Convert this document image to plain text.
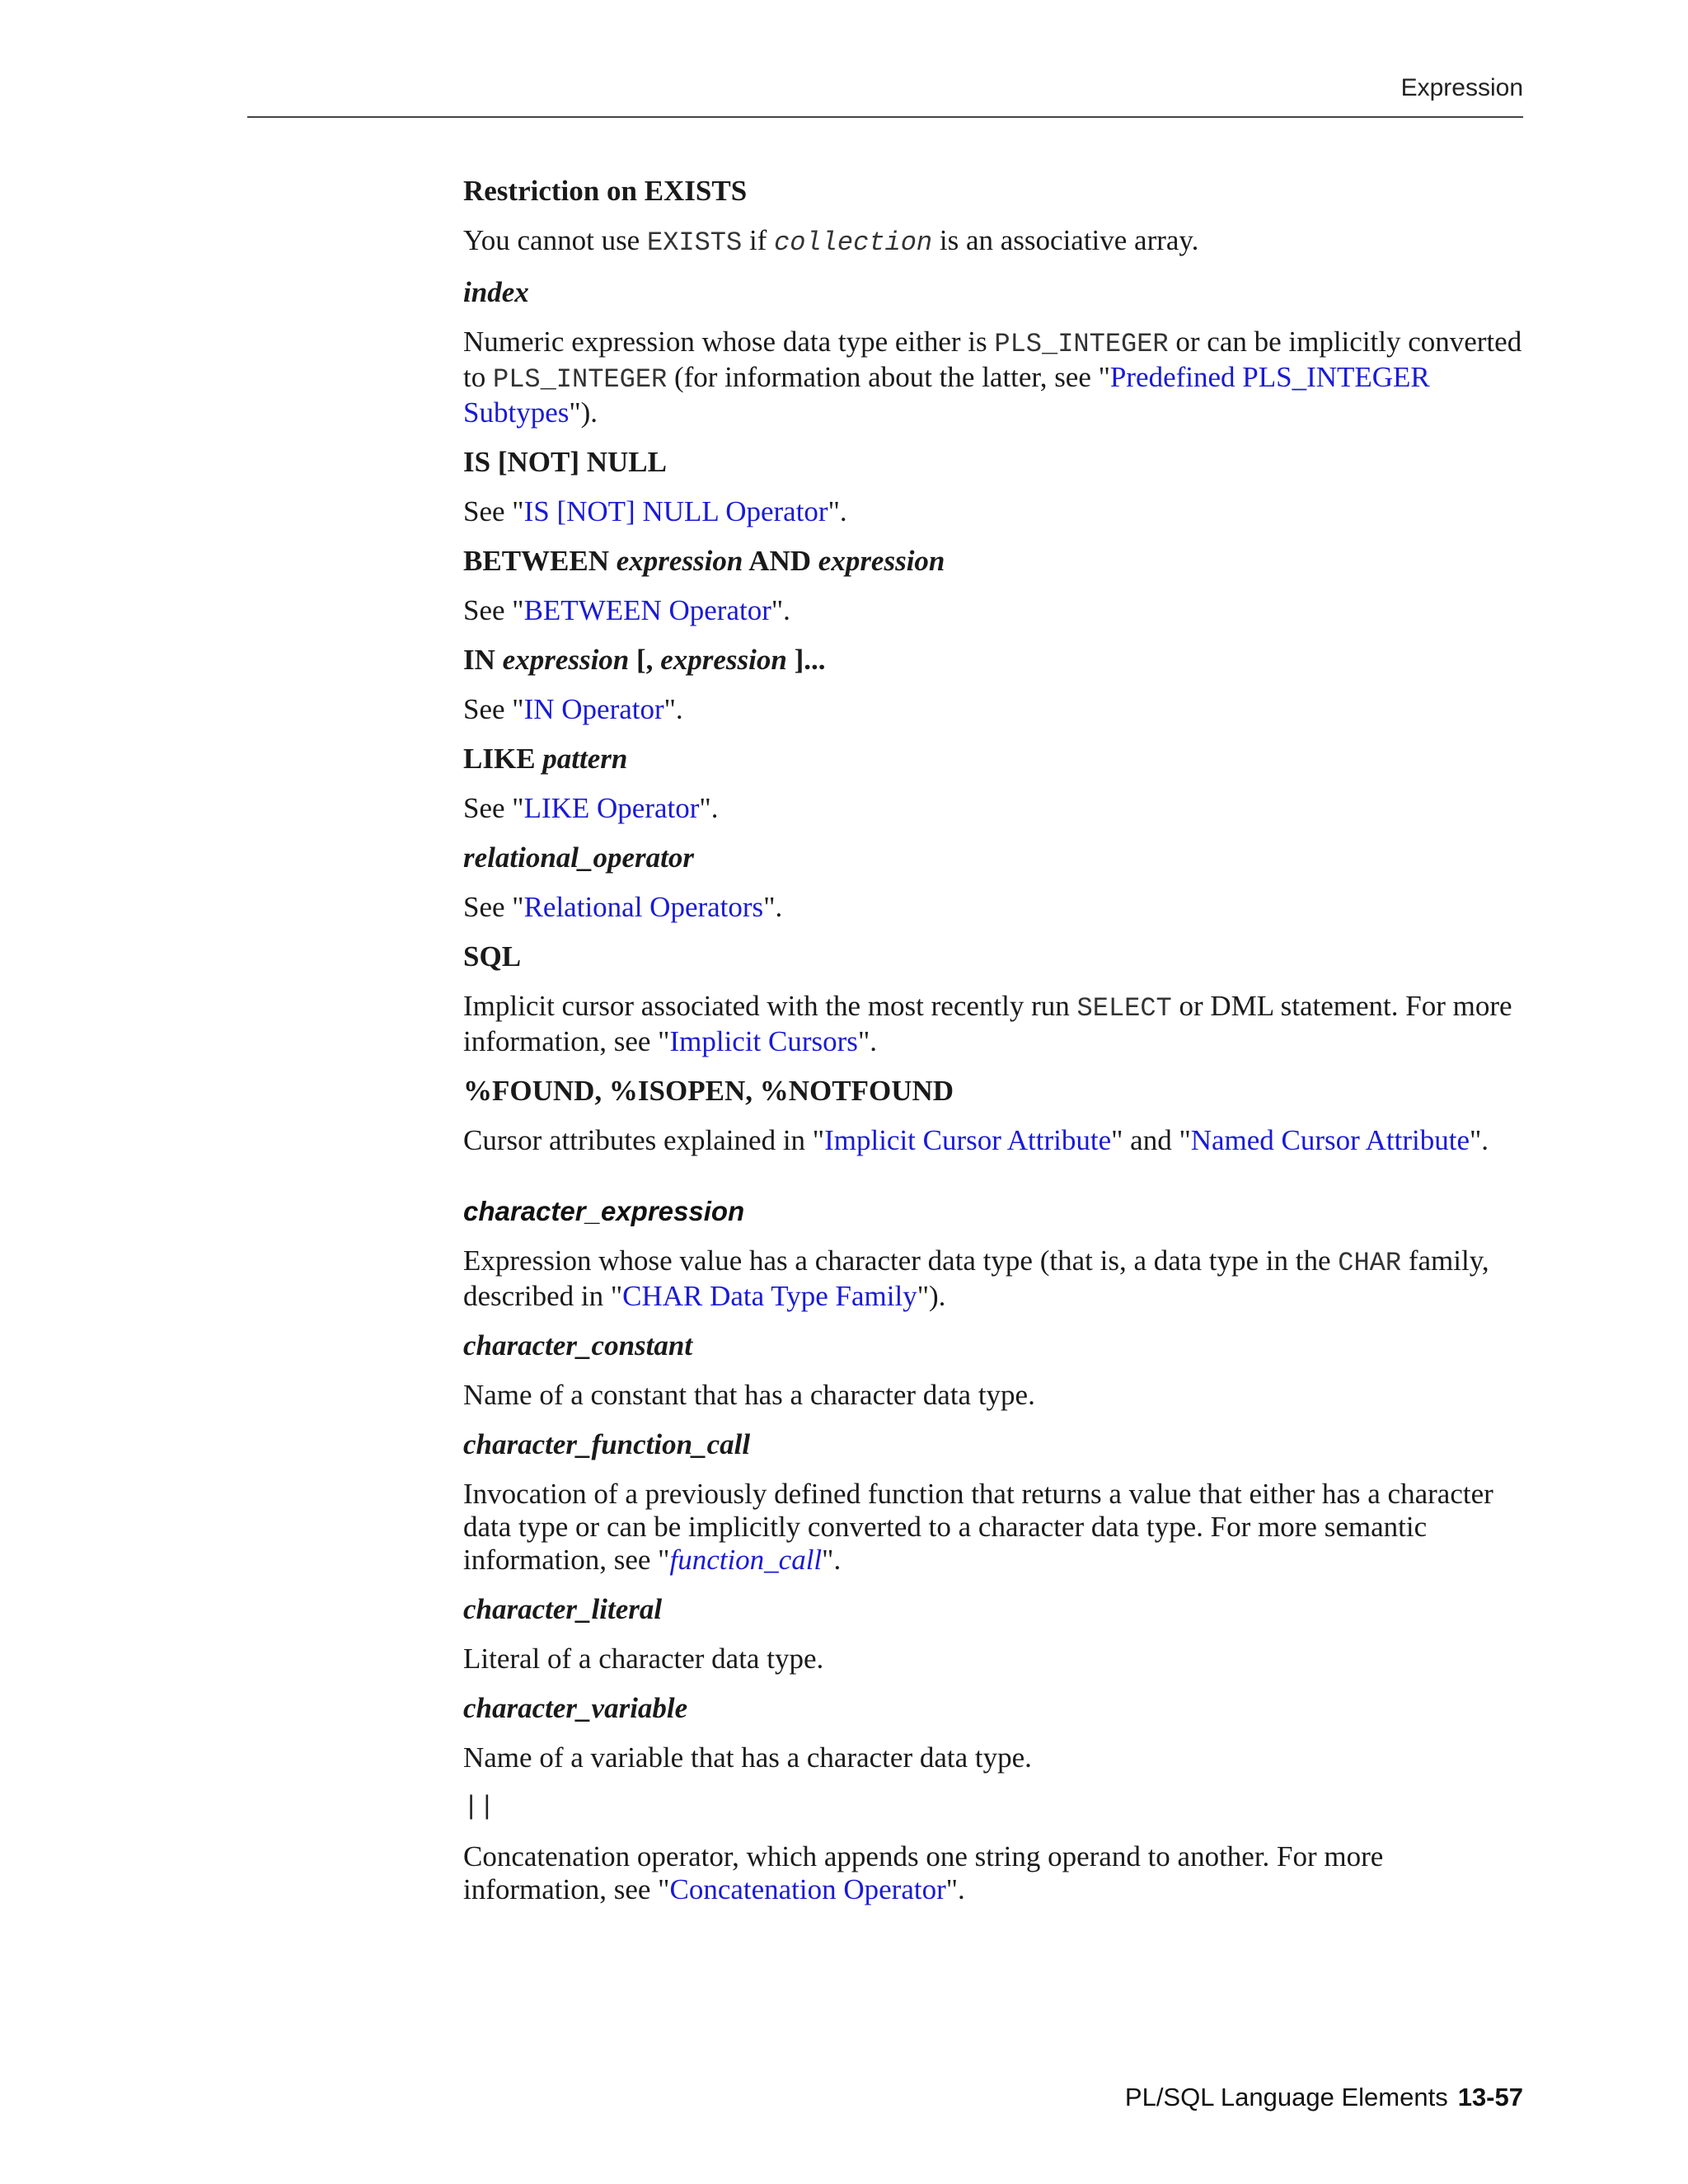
Expression

Restriction on EXISTS

You cannot use EXISTS if collection is an associative array.

index

Numeric expression whose data type either is PLS_INTEGER or can be implicitly converted to PLS_INTEGER (for information about the latter, see "Predefined PLS_INTEGER Subtypes").

IS [NOT] NULL

See "IS [NOT] NULL Operator".

BETWEEN expression AND expression

See "BETWEEN Operator".

IN expression [, expression ]...

See "IN Operator".

LIKE pattern

See "LIKE Operator".

relational_operator

See "Relational Operators".

SQL

Implicit cursor associated with the most recently run SELECT or DML statement. For more information, see "Implicit Cursors".

%FOUND, %ISOPEN, %NOTFOUND

Cursor attributes explained in "Implicit Cursor Attribute" and "Named Cursor Attribute".

character_expression

Expression whose value has a character data type (that is, a data type in the CHAR family, described in "CHAR Data Type Family").

character_constant

Name of a constant that has a character data type.

character_function_call

Invocation of a previously defined function that returns a value that either has a character data type or can be implicitly converted to a character data type. For more semantic information, see "function_call".

character_literal

Literal of a character data type.

character_variable

Name of a variable that has a character data type.

||

Concatenation operator, which appends one string operand to another. For more information, see "Concatenation Operator".

PL/SQL Language Elements 13-57
